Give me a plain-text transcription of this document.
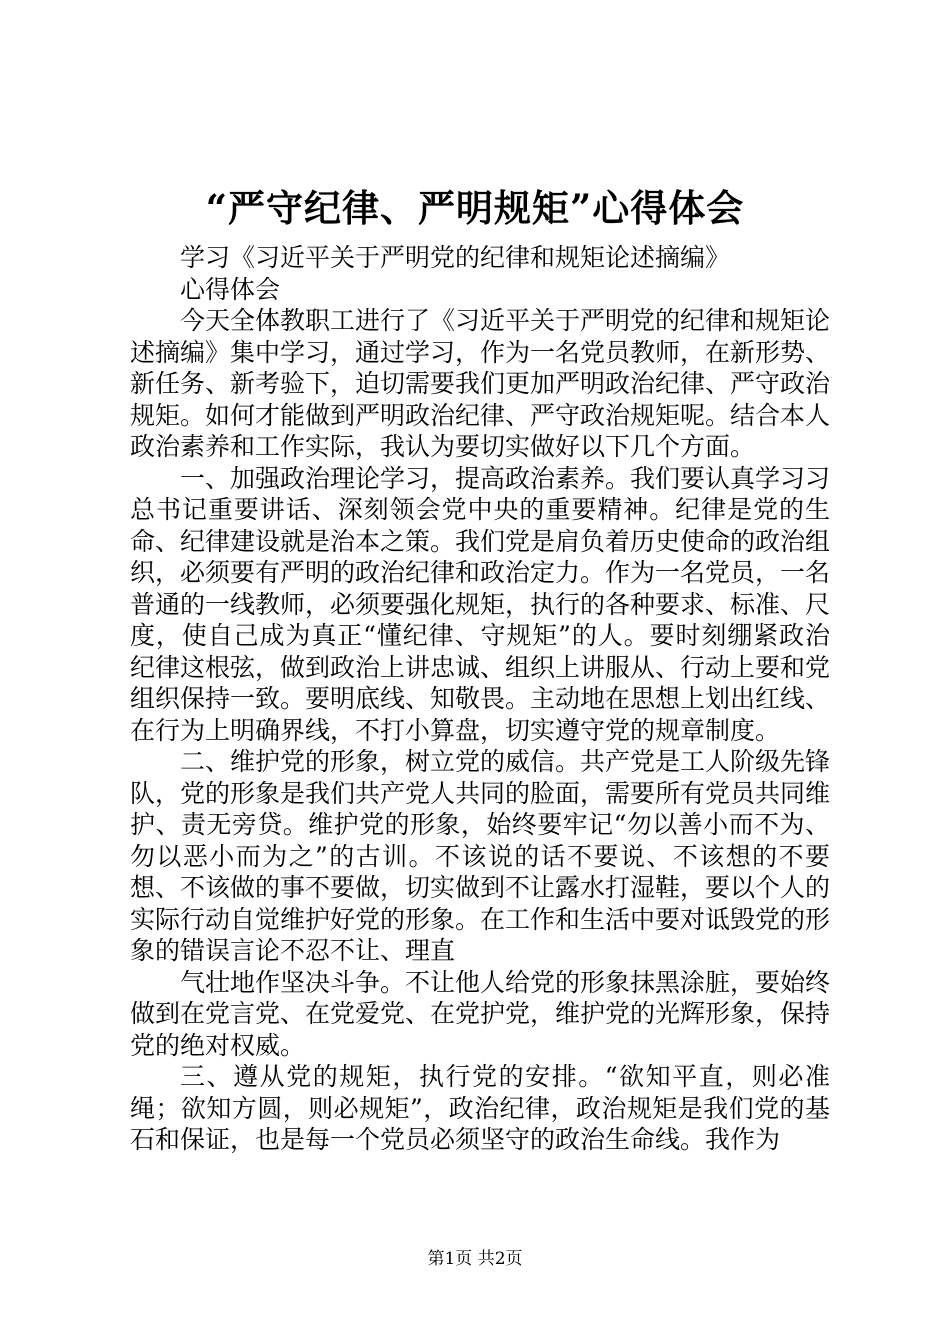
“严守纪律、严明规矩”心得体会

学习《习近平关于严明党的纪律和规矩论述摘编》

心得体会

今天全体教职工进行了《习近平关于严明党的纪律和规矩论述摘编》集中学习，通过学习，作为一名党员教师，在新形势、新任务、新考验下，迫切需要我们更加严明政治纪律、严守政治规矩。如何才能做到严明政治纪律、严守政治规矩呢。结合本人政治素养和工作实际，我认为要切实做好以下几个方面。

一、加强政治理论学习，提高政治素养。我们要认真学习习总书记重要讲话、深刻领会党中央的重要精神。纪律是党的生命、纪律建设就是治本之策。我们党是肩负着历史使命的政治组织，必须要有严明的政治纪律和政治定力。作为一名党员，一名普通的一线教师，必须要强化规矩，执行的各种要求、标准、尺度，使自己成为真正“懂纪律、守规矩”的人。要时刻绷紧政治纪律这根弦，做到政治上讲忠诚、组织上讲服从、行动上要和党组织保持一致。要明底线、知敬畏。主动地在思想上划出红线、在行为上明确界线，不打小算盘，切实遵守党的规章制度。

二、维护党的形象，树立党的威信。共产党是工人阶级先锋队，党的形象是我们共产党人共同的脸面，需要所有党员共同维护、责无旁贷。维护党的形象，始终要牢记“勿以善小而不为、勿以恶小而为之”的古训。不该说的话不要说、不该想的不要想、不该做的事不要做，切实做到不让露水打湿鞋，要以个人的实际行动自觉维护好党的形象。在工作和生活中要对诋毁党的形象的错误言论不忍不让、理直

气壮地作坚决斗争。不让他人给党的形象抹黑涂脏，要始终做到在党言党、在党爱党、在党护党，维护党的光辉形象，保持党的绝对权威。

三、遵从党的规矩，执行党的安排。“欲知平直，则必准绳；欲知方圆，则必规矩”，政治纪律，政治规矩是我们党的基石和保证，也是每一个党员必须坚守的政治生命线。我作为

第1页 共2页
